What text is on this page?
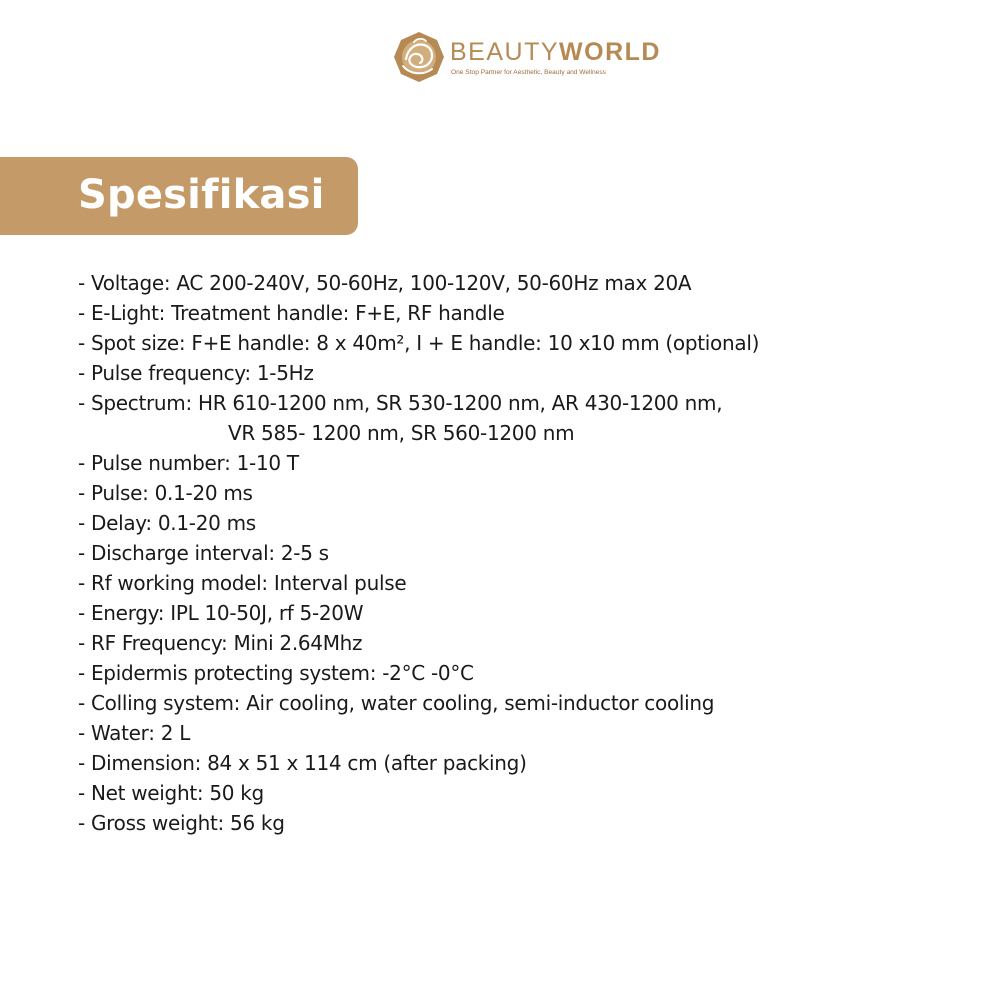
BEAUTYWORLD
One Stop Partner for Aesthetic, Beauty and Wellness
Spesifikasi
- Voltage: AC 200-240V, 50-60Hz, 100-120V, 50-60Hz max 20A
- E-Light: Treatment handle: F+E, RF handle
- Spot size: F+E handle: 8 x 40m², I + E handle: 10 x10 mm (optional)
- Pulse frequency: 1-5Hz
- Spectrum: HR 610-1200 nm, SR 530-1200 nm, AR 430-1200 nm,
VR 585- 1200 nm, SR 560-1200 nm
- Pulse number: 1-10 T
- Pulse: 0.1-20 ms
- Delay: 0.1-20 ms
- Discharge interval: 2-5 s
- Rf working model: Interval pulse
- Energy: IPL 10-50J, rf 5-20W
- RF Frequency: Mini 2.64Mhz
- Epidermis protecting system: -2°C -0°C
- Colling system: Air cooling, water cooling, semi-inductor cooling
- Water: 2 L
- Dimension: 84 x 51 x 114 cm (after packing)
- Net weight: 50 kg
- Gross weight: 56 kg
